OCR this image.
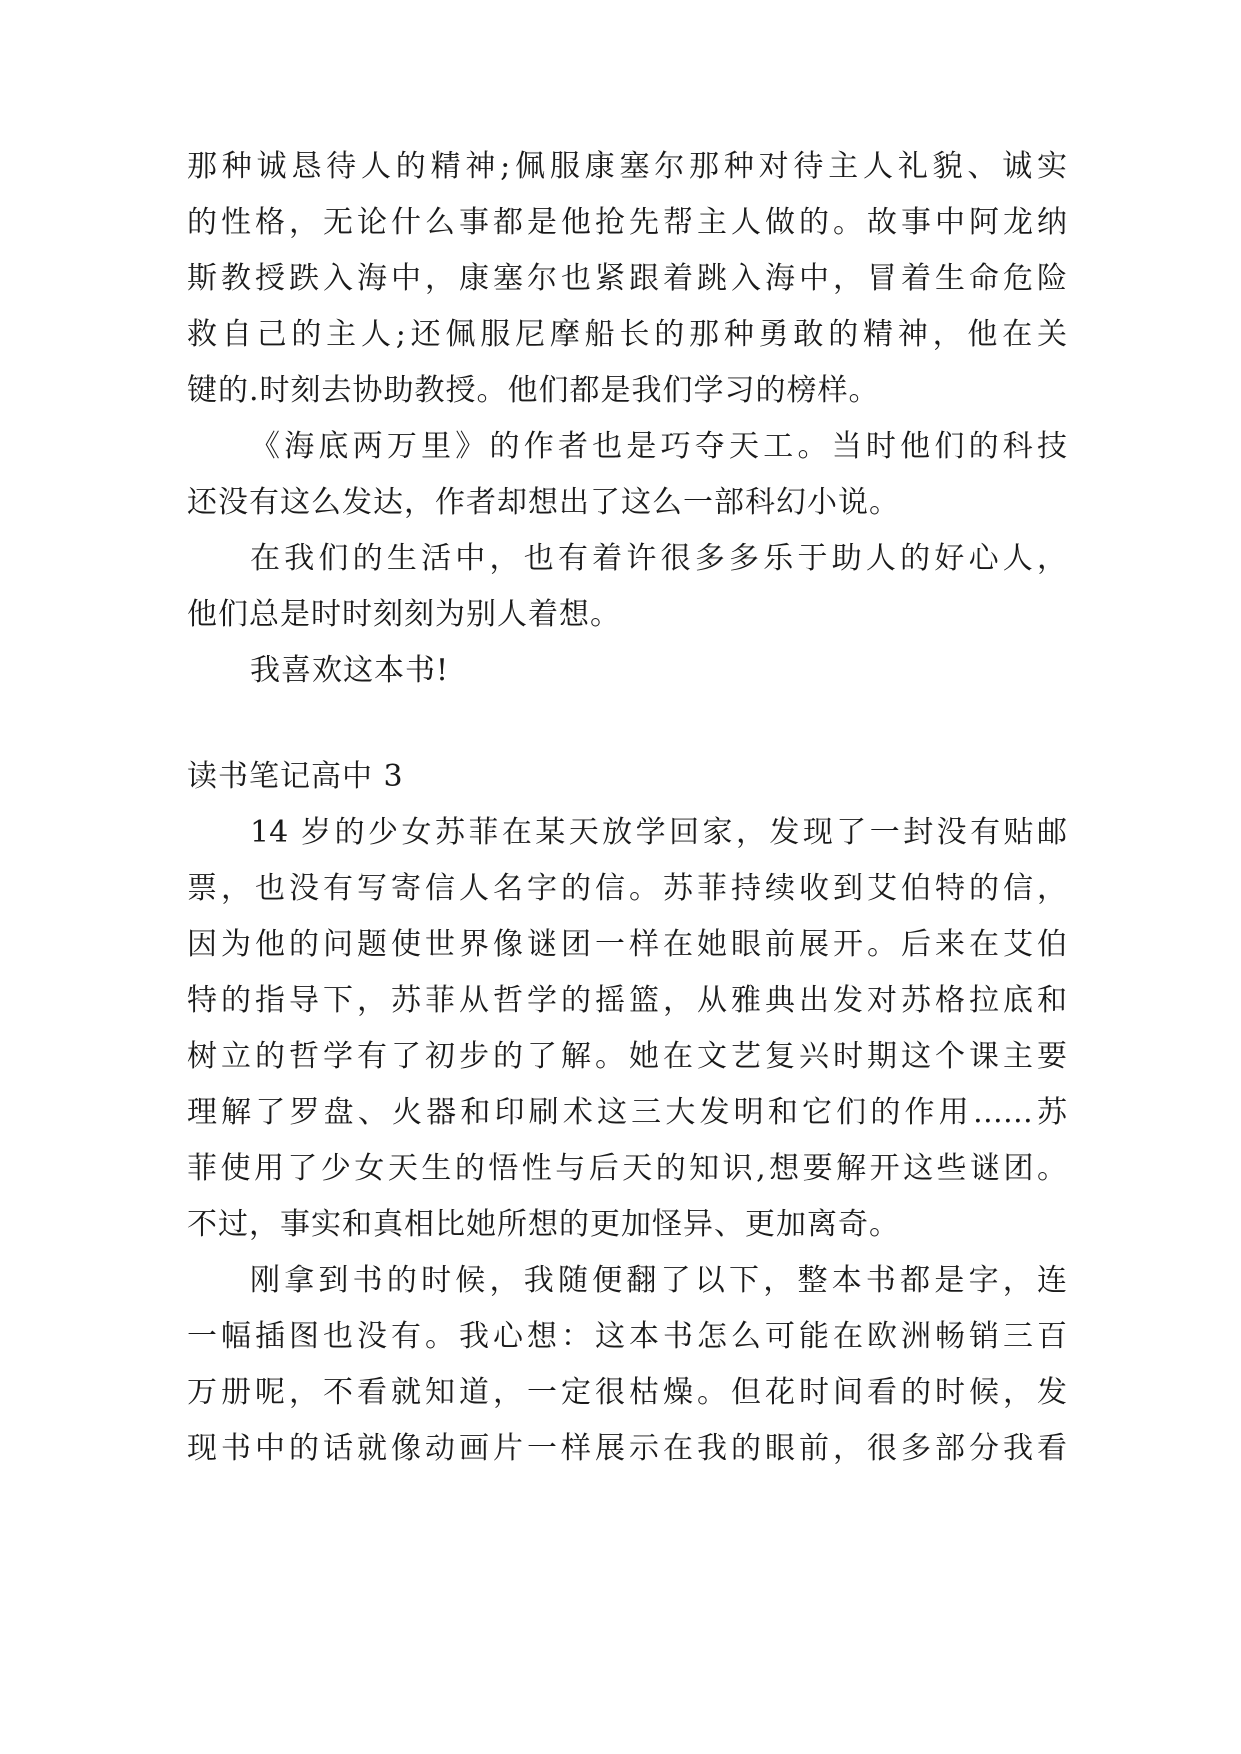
那种诚恳待人的精神;佩服康塞尔那种对待主人礼貌、诚实
的性格，无论什么事都是他抢先帮主人做的。故事中阿龙纳
斯教授跌入海中，康塞尔也紧跟着跳入海中，冒着生命危险
救自己的主人;还佩服尼摩船长的那种勇敢的精神，他在关
键的.时刻去协助教授。他们都是我们学习的榜样。
《海底两万里》的作者也是巧夺天工。当时他们的科技
还没有这么发达，作者却想出了这么一部科幻小说。
在我们的生活中，也有着许很多多乐于助人的好心人，
他们总是时时刻刻为别人着想。
我喜欢这本书!
读书笔记高中 3
14 岁的少女苏菲在某天放学回家，发现了一封没有贴邮
票，也没有写寄信人名字的信。苏菲持续收到艾伯特的信，
因为他的问题使世界像谜团一样在她眼前展开。后来在艾伯
特的指导下，苏菲从哲学的摇篮，从雅典出发对苏格拉底和
树立的哲学有了初步的了解。她在文艺复兴时期这个课主要
理解了罗盘、火器和印刷术这三大发明和它们的作用……苏
菲使用了少女天生的悟性与后天的知识,想要解开这些谜团。
不过，事实和真相比她所想的更加怪异、更加离奇。
刚拿到书的时候，我随便翻了以下，整本书都是字，连
一幅插图也没有。我心想：这本书怎么可能在欧洲畅销三百
万册呢，不看就知道，一定很枯燥。但花时间看的时候，发
现书中的话就像动画片一样展示在我的眼前，很多部分我看
